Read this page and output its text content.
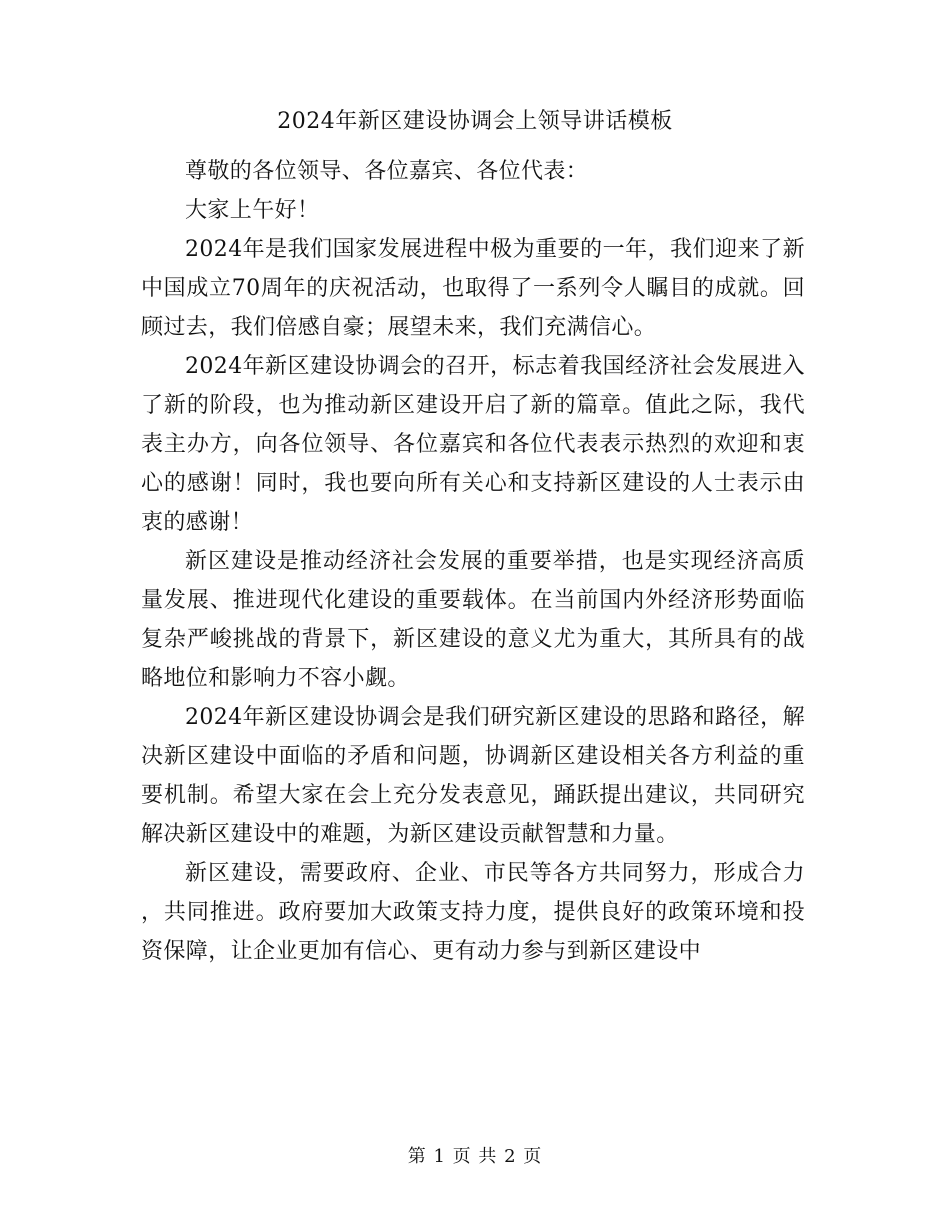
2024年新区建设协调会上领导讲话模板

尊敬的各位领导、各位嘉宾、各位代表：

大家上午好！

2024年是我们国家发展进程中极为重要的一年，我们迎来了新中国成立70周年的庆祝活动，也取得了一系列令人瞩目的成就。回顾过去，我们倍感自豪；展望未来，我们充满信心。

2024年新区建设协调会的召开，标志着我国经济社会发展进入了新的阶段，也为推动新区建设开启了新的篇章。值此之际，我代表主办方，向各位领导、各位嘉宾和各位代表表示热烈的欢迎和衷心的感谢！同时，我也要向所有关心和支持新区建设的人士表示由衷的感谢！

新区建设是推动经济社会发展的重要举措，也是实现经济高质量发展、推进现代化建设的重要载体。在当前国内外经济形势面临复杂严峻挑战的背景下，新区建设的意义尤为重大，其所具有的战略地位和影响力不容小觑。

2024年新区建设协调会是我们研究新区建设的思路和路径，解决新区建设中面临的矛盾和问题，协调新区建设相关各方利益的重要机制。希望大家在会上充分发表意见，踊跃提出建议，共同研究解决新区建设中的难题，为新区建设贡献智慧和力量。

新区建设，需要政府、企业、市民等各方共同努力，形成合力，共同推进。政府要加大政策支持力度，提供良好的政策环境和投资保障，让企业更加有信心、更有动力参与到新区建设中

第 1 页 共 2 页
